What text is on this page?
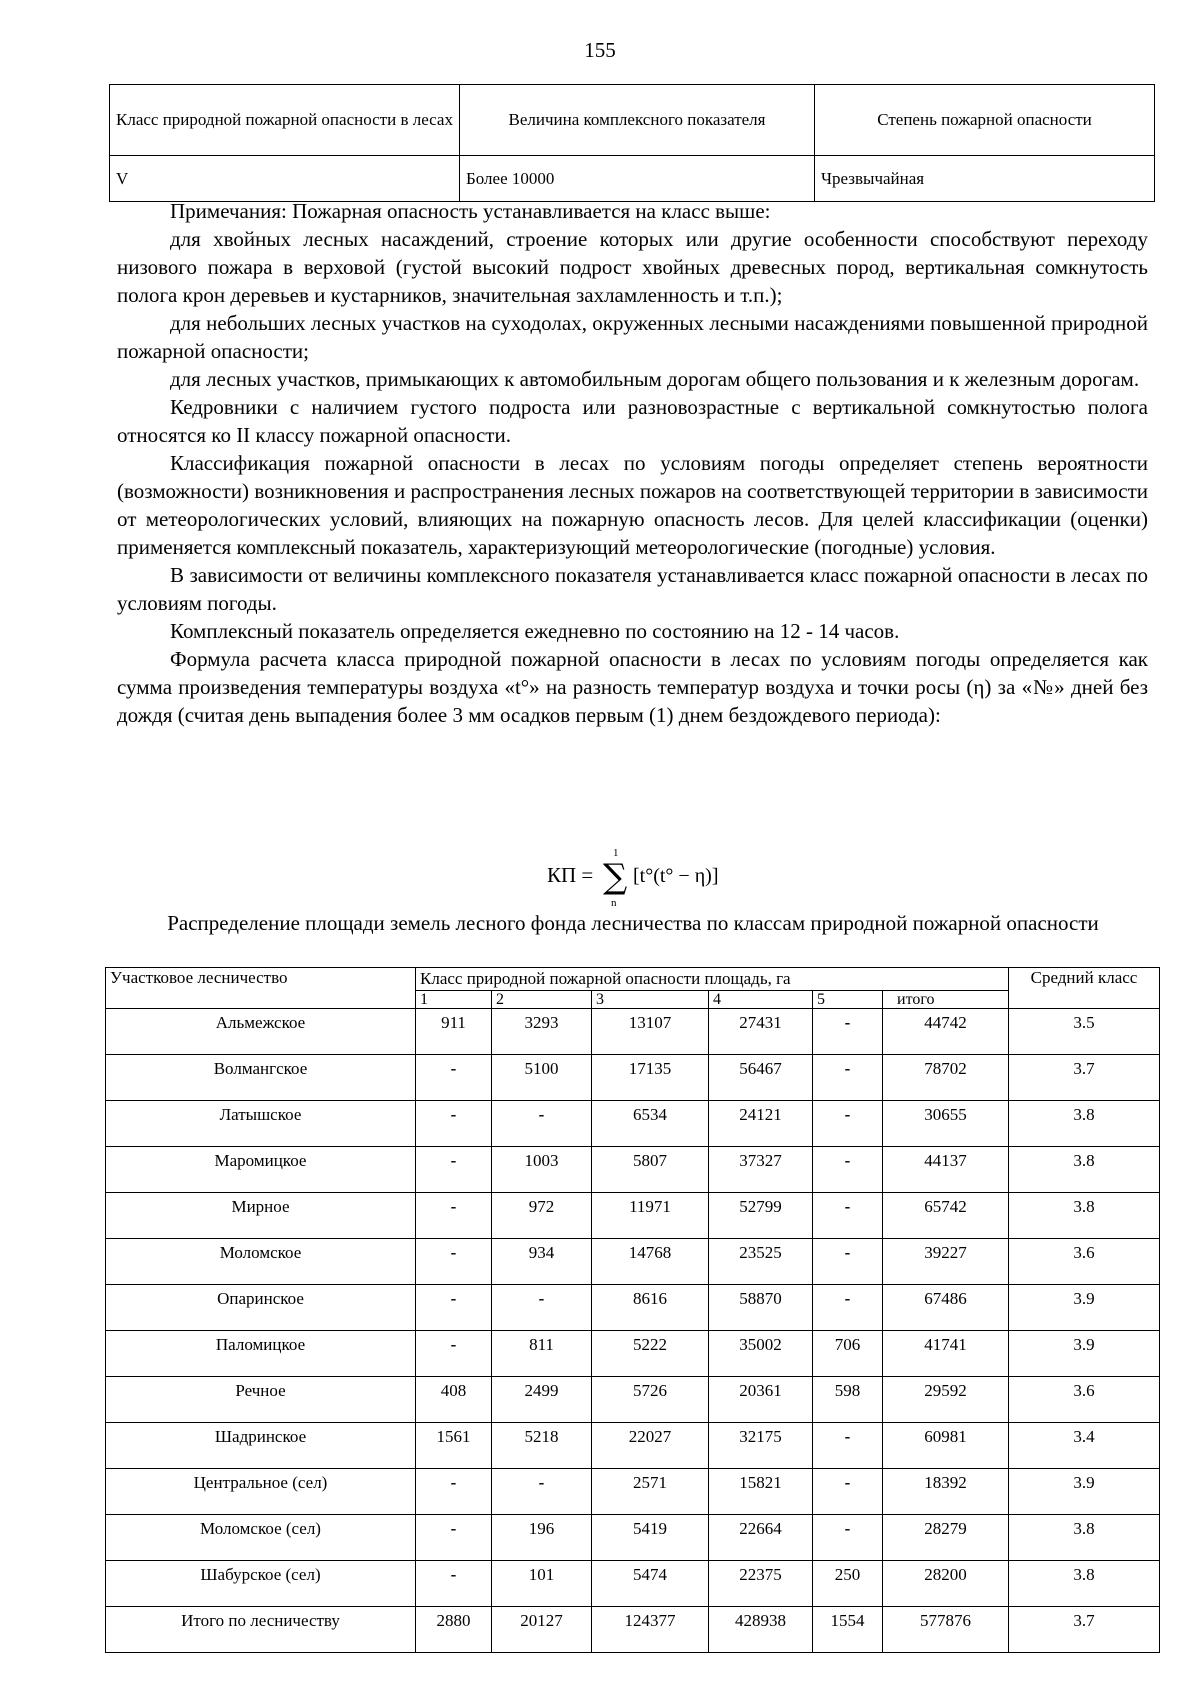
155
Класс природной пожарной опасности в лесах	Величина комплексного показателя	Степень пожарной опасности
V	Более 10000	Чрезвычайная

Примечания: Пожарная опасность устанавливается на класс выше:

для хвойных лесных насаждений, строение которых или другие особенности способствуют переходу низового пожара в верховой (густой высокий подрост хвойных древесных пород, вертикальная сомкнутость полога крон деревьев и кустарников, значительная захламленность и т.п.);

для небольших лесных участков на суходолах, окруженных лесными насаждениями повышенной природной пожарной опасности;

для лесных участков, примыкающих к автомобильным дорогам общего пользования и к железным дорогам.

Кедровники с наличием густого подроста или разновозрастные с вертикальной сомкнутостью полога относятся ко II классу пожарной опасности.

Классификация пожарной опасности в лесах по условиям погоды определяет степень вероятности (возможности) возникновения и распространения лесных пожаров на соответствующей территории в зависимости от метеорологических условий, влияющих на пожарную опасность лесов. Для целей классификации (оценки) применяется комплексный показатель, характеризующий метеорологические (погодные) условия.

В зависимости от величины комплексного показателя устанавливается класс пожарной опасности в лесах по условиям погоды.

Комплексный показатель определяется ежедневно по состоянию на 12 - 14 часов.

Формула расчета класса природной пожарной опасности в лесах по условиям погоды определяется как сумма произведения температуры воздуха «t°» на разность температур воздуха и точки росы (η) за «№» дней без дождя (считая день выпадения более 3 мм осадков первым (1) днем бездождевого периода):

КП =
1
∑
n
[t°(t° − η)]
Распределение площади земель лесного фонда лесничества по классам природной пожарной опасности
Участковое лесничество	Класс природной пожарной опасности площадь, га						Средний класс
	1	2	3	4	5	итого	
Альмежское	911	3293	13107	27431	-	44742	3.5
Волмангское	-	5100	17135	56467	-	78702	3.7
Латышское	-	-	6534	24121	-	30655	3.8
Маромицкое	-	1003	5807	37327	-	44137	3.8
Мирное	-	972	11971	52799	-	65742	3.8
Моломское	-	934	14768	23525	-	39227	3.6
Опаринское	-	-	8616	58870	-	67486	3.9
Паломицкое	-	811	5222	35002	706	41741	3.9
Речное	408	2499	5726	20361	598	29592	3.6
Шадринское	1561	5218	22027	32175	-	60981	3.4
Центральное (сел)	-	-	2571	15821	-	18392	3.9
Моломское (сел)	-	196	5419	22664	-	28279	3.8
Шабурское (сел)	-	101	5474	22375	250	28200	3.8
Итого по лесничеству	2880	20127	124377	428938	1554	577876	3.7
